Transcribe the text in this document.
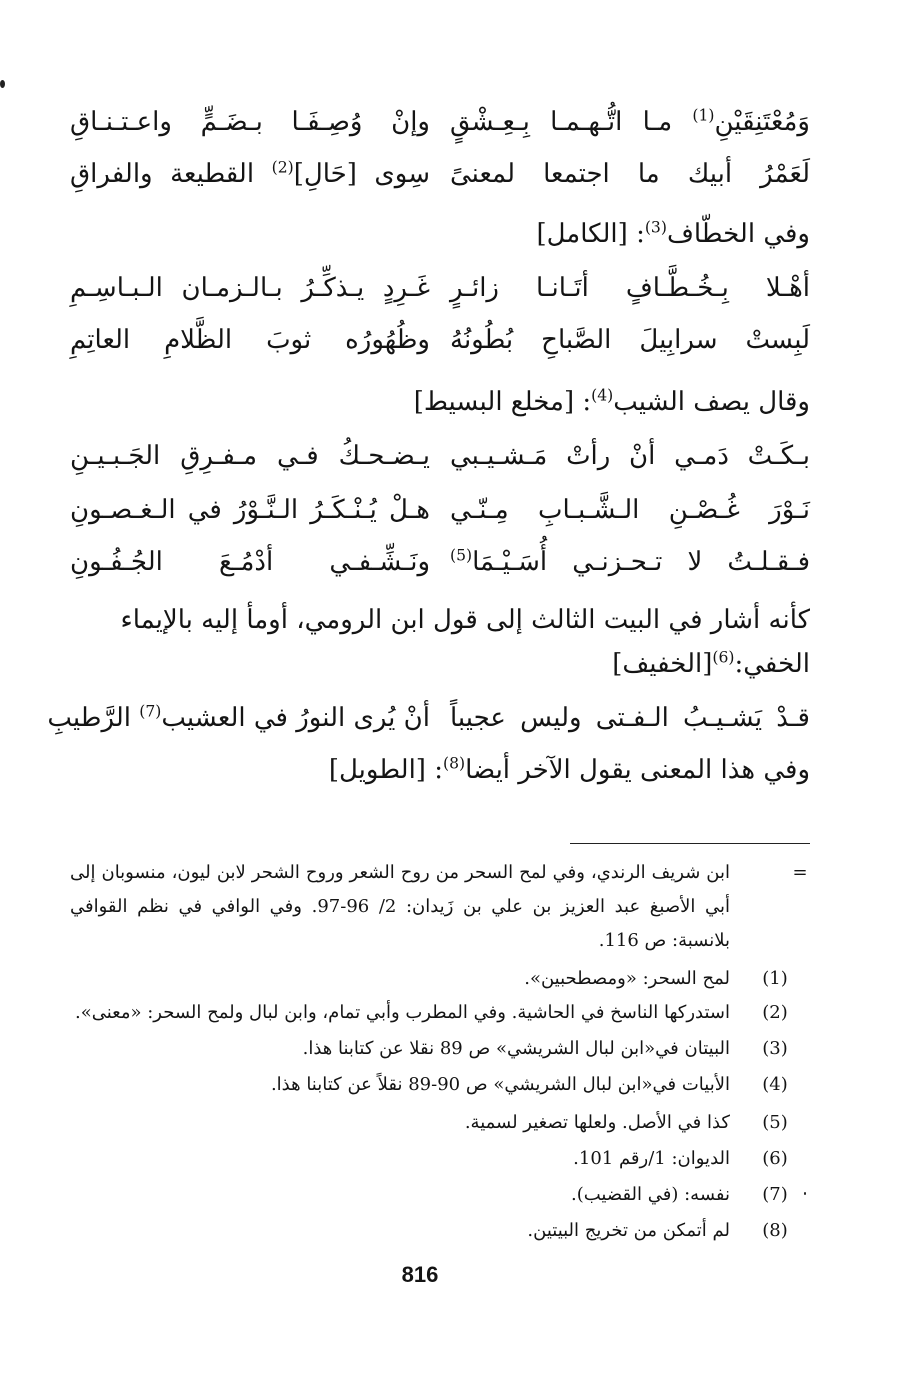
وَمُعْتَنِقَيْنِ$^{(1)}$ مـا اتُّـهـمـا بِـعِـشْقٍ
وإنْ وُصِـفَـا بـضَـمٍّ واعـتـنـاقِ
لَعَمْرُ أبيك ما اجتمعا لمعنىً
سِوى [حَالِ]$^{(2)}$ القطيعة والفراقِ
وفي الخطّاف$^{(3)}$: [الكامل]
أهْـلا بِـخُـطَّـافٍ أتَـانـا زائـرٍ
غَـرِدٍ يـذكِّـرُ بـالـزمـان الـبـاسِـمِ
لَبِستْ سرابِيلَ الصَّباحِ بُطُونُهُ
وظُهُورُه ثوبَ الظَّلامِ العاتِمِ
وقال يصف الشيب$^{(4)}$: [مخلع البسيط]
بـكَـتْ دَمـي أنْ رأتْ مَـشـيـبي
يـضـحـكُ فـي مـفـرِقِ الجَـبـيـنِ
نَـوْرَ غُـصْـنِ الـشَّـبـابِ مِـنّـي
هـلْ يُـنْـكَـرُ الـنَّـوْرُ في الـغـصـونِ
فـقـلـتُ لا تـحـزنـي أُسَـيْـمَا$^{(5)}$
ونَـشِّـفـي أدْمُـعَ الجُـفُـونِ
كأنه أشار في البيت الثالث إلى قول ابن الرومي، أومأ إليه بالإيماء
الخفي:$^{(6)}$[الخفيف]
قـدْ يَشـيـبُ الـفـتى وليس عجيباً
أنْ يُرى النورُ في العشيب$^{(7)}$ الرَّطيبِ
وفي هذا المعنى يقول الآخر أيضا$^{(8)}$: [الطويل]
=
ابن شريف الرندي، وفي لمح السحر من روح الشعر وروح الشحر لابن ليون، منسوبان إلى أبي الأصبغ عبد العزيز بن علي بن زَيدان: 2/ 96-97. وفي الوافي في نظم القوافي بلانسبة: ص 116.
(1)
لمح السحر: «ومصطحبين».
(2)
استدركها الناسخ في الحاشية. وفي المطرب وأبي تمام، وابن لبال ولمح السحر: «معنى».
(3)
البيتان في«ابن لبال الشريشي» ص 89 نقلا عن كتابنا هذا.
(4)
الأبيات في«ابن لبال الشريشي» ص 90-89 نقلاً عن كتابنا هذا.
(5)
كذا في الأصل. ولعلها تصغير لسمية.
(6)
الديوان: 1/رقم 101.
(7)
نفسه: (في القضيب).
(8)
لم أتمكن من تخريج البيتين.
816
